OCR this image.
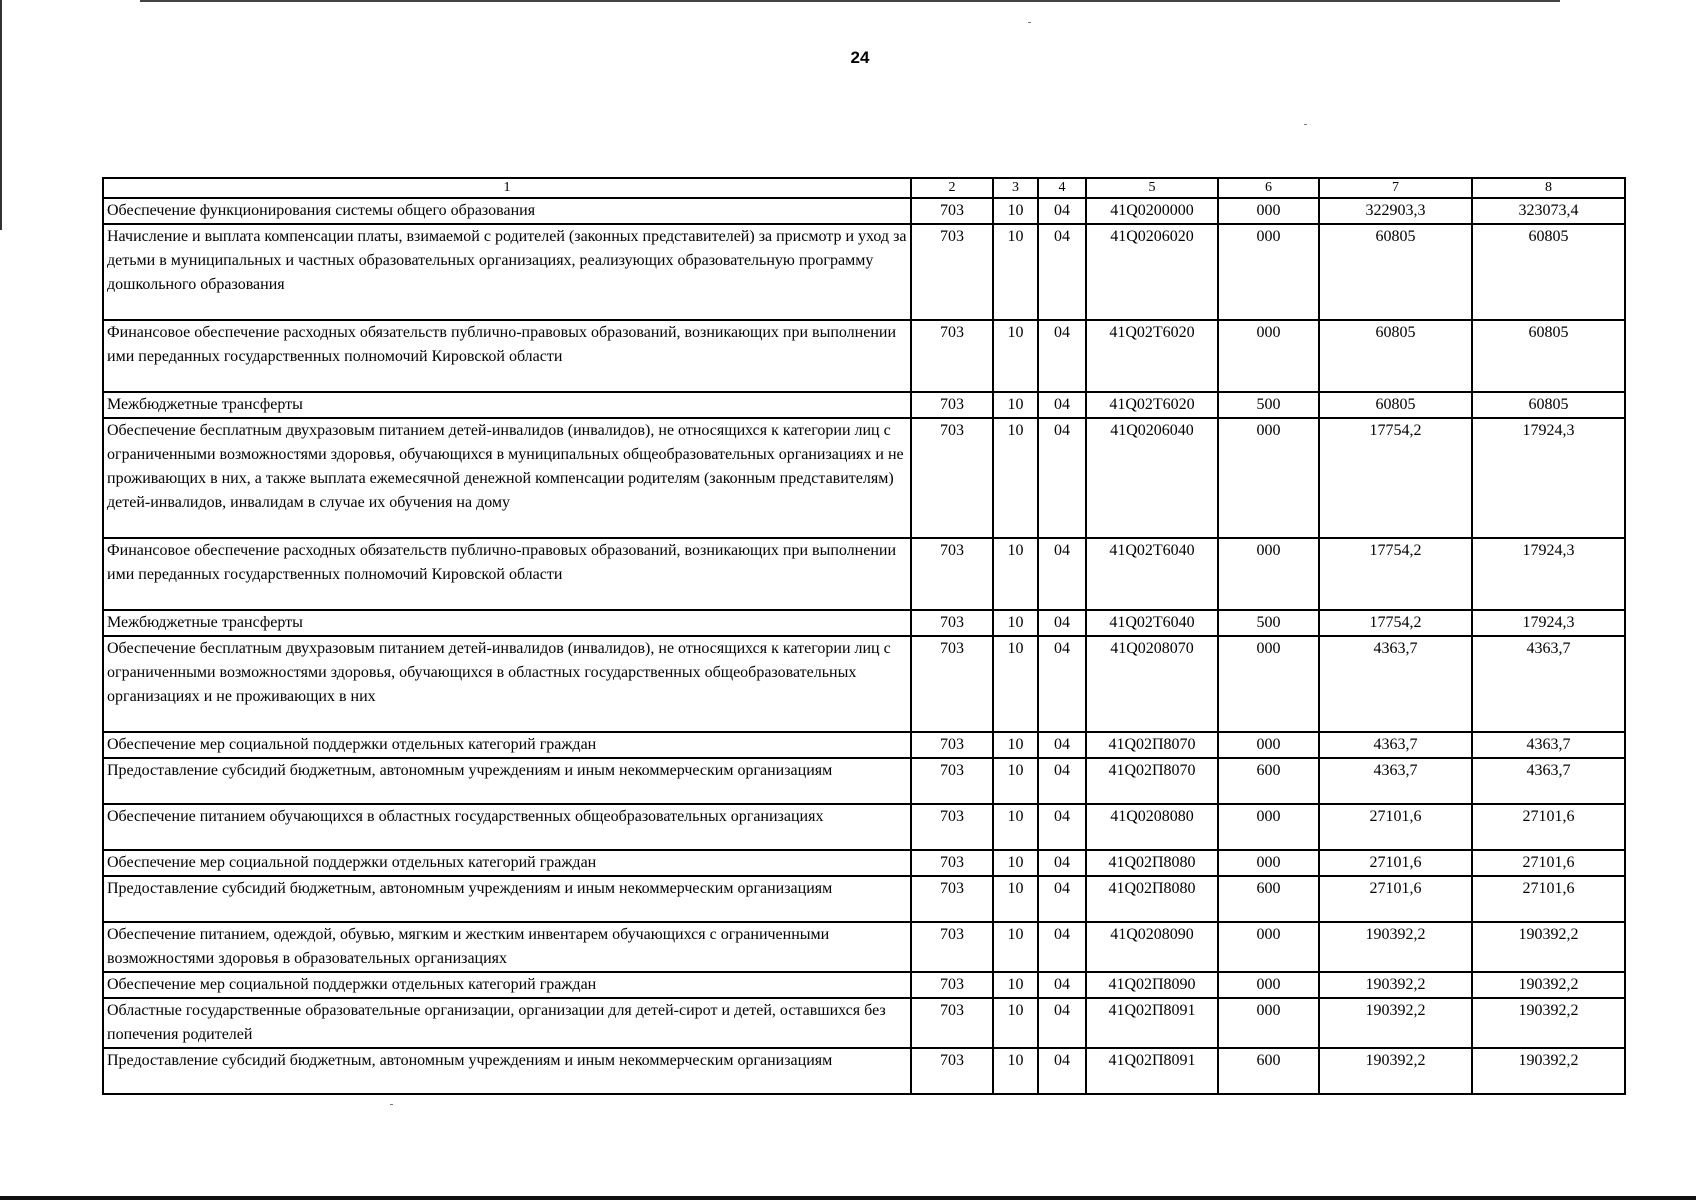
24
1	2	3	4	5	6	7	8
Обеспечение функционирования системы общего образования	703	10	04	41Q0200000	000	322903,3	323073,4
Начисление и выплата компенсации платы, взимаемой с родителей (законных представителей) за присмотр и уход за детьми в муниципальных и частных образовательных организациях, реализующих образовательную программу дошкольного образования	703	10	04	41Q0206020	000	60805	60805
Финансовое обеспечение расходных обязательств публично-правовых образований, возникающих при выполнении ими переданных государственных полномочий Кировской области	703	10	04	41Q02Т6020	000	60805	60805
Межбюджетные трансферты	703	10	04	41Q02Т6020	500	60805	60805
Обеспечение бесплатным двухразовым питанием детей-инвалидов (инвалидов), не относящихся к категории лиц с ограниченными возможностями здоровья, обучающихся в муниципальных общеобразовательных организациях и не проживающих в них, а также выплата ежемесячной денежной компенсации родителям (законным представителям) детей-инвалидов, инвалидам в случае их обучения на дому	703	10	04	41Q0206040	000	17754,2	17924,3
Финансовое обеспечение расходных обязательств публично-правовых образований, возникающих при выполнении ими переданных государственных полномочий Кировской области	703	10	04	41Q02Т6040	000	17754,2	17924,3
Межбюджетные трансферты	703	10	04	41Q02Т6040	500	17754,2	17924,3
Обеспечение бесплатным двухразовым питанием детей-инвалидов (инвалидов), не относящихся к категории лиц с ограниченными возможностями здоровья, обучающихся в областных государственных общеобразовательных организациях и не проживающих в них	703	10	04	41Q0208070	000	4363,7	4363,7
Обеспечение мер социальной поддержки отдельных категорий граждан	703	10	04	41Q02П8070	000	4363,7	4363,7
Предоставление субсидий бюджетным, автономным учреждениям и иным некоммерческим организациям	703	10	04	41Q02П8070	600	4363,7	4363,7
Обеспечение питанием обучающихся в областных государственных общеобразовательных организациях	703	10	04	41Q0208080	000	27101,6	27101,6
Обеспечение мер социальной поддержки отдельных категорий граждан	703	10	04	41Q02П8080	000	27101,6	27101,6
Предоставление субсидий бюджетным, автономным учреждениям и иным некоммерческим организациям	703	10	04	41Q02П8080	600	27101,6	27101,6
Обеспечение питанием, одеждой, обувью, мягким и жестким инвентарем обучающихся с ограниченными возможностями здоровья в образовательных организациях	703	10	04	41Q0208090	000	190392,2	190392,2
Обеспечение мер социальной поддержки отдельных категорий граждан	703	10	04	41Q02П8090	000	190392,2	190392,2
Областные государственные образовательные организации, организации для детей-сирот и детей, оставшихся без попечения родителей	703	10	04	41Q02П8091	000	190392,2	190392,2
Предоставление субсидий бюджетным, автономным учреждениям и иным некоммерческим организациям	703	10	04	41Q02П8091	600	190392,2	190392,2
